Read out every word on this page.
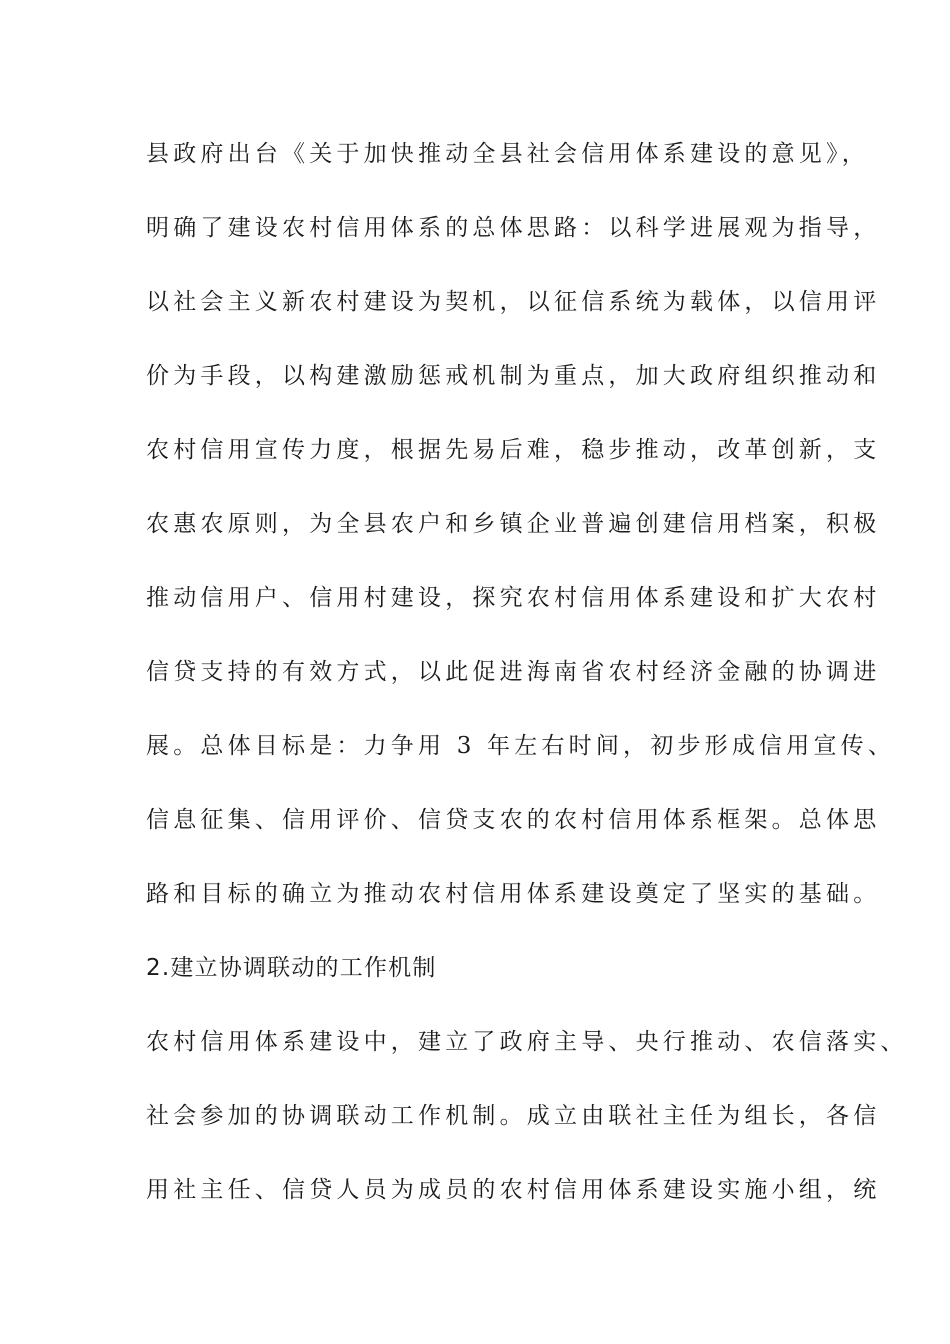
县政府出台《关于加快推动全县社会信用体系建设的意见》，
明确了建设农村信用体系的总体思路：以科学进展观为指导，
以社会主义新农村建设为契机，以征信系统为载体，以信用评
价为手段，以构建激励惩戒机制为重点，加大政府组织推动和
农村信用宣传力度，根据先易后难，稳步推动，改革创新，支
农惠农原则，为全县农户和乡镇企业普遍创建信用档案，积极
推动信用户、信用村建设，探究农村信用体系建设和扩大农村
信贷支持的有效方式，以此促进海南省农村经济金融的协调进
展。总体目标是：力争用 3 年左右时间，初步形成信用宣传、
信息征集、信用评价、信贷支农的农村信用体系框架。总体思
路和目标的确立为推动农村信用体系建设奠定了坚实的基础。
2.建立协调联动的工作机制
农村信用体系建设中，建立了政府主导、央行推动、农信落实、
社会参加的协调联动工作机制。成立由联社主任为组长，各信
用社主任、信贷人员为成员的农村信用体系建设实施小组，统
